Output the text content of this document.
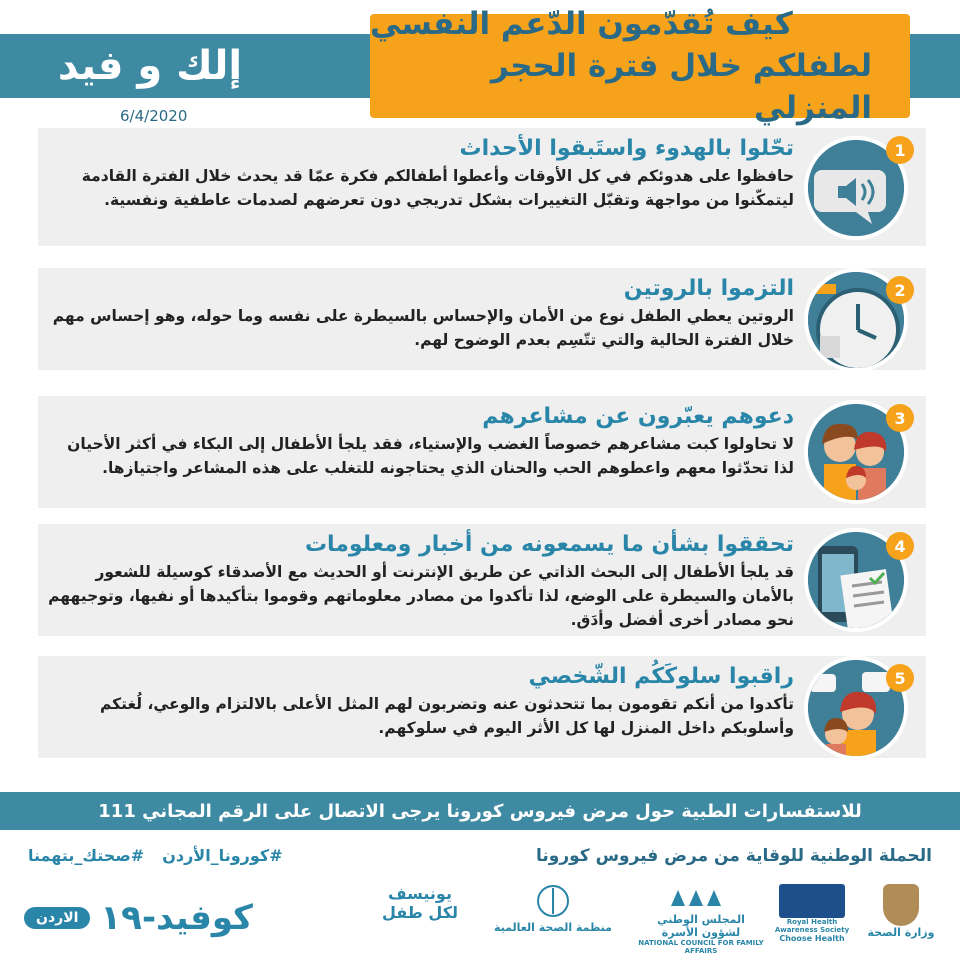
إلك و فيد
6/4/2020
كيف تُقدّمون الدّعم النفسي
لطفلكم خلال فترة الحجر المنزلي
1
تحّلوا بالهدوء واستَبقوا الأحداث
حافظوا على هدوئكم في كل الأوقات وأعطوا أطفالكم فكرة عمّا قد يحدث خلال الفترة القادمة ليتمكّنوا من مواجهة وتقبّل التغييرات بشكل تدريجي دون تعرضهم لصدمات عاطفية ونفسية.
2
التزموا بالروتين
الروتين يعطي الطفل نوع من الأمان والإحساس بالسيطرة على نفسه وما حوله، وهو إحساس مهم خلال الفترة الحالية والتي تتّسِم بعدم الوضوح لهم.
3
دعوهم يعبّرون عن مشاعرهم
لا تحاولوا كبت مشاعرهم خصوصاً الغضب والإستياء، فقد يلجأ الأطفال إلى البكاء في أكثر الأحيان لذا تحدّثوا معهم واعطوهم الحب والحنان الذي يحتاجونه للتغلب على هذه المشاعر واجتيازها.
4
تحققوا بشأن ما يسمعونه من أخبار ومعلومات
قد يلجأ الأطفال إلى البحث الذاتي عن طريق الإنترنت أو الحديث مع الأصدقاء كوسيلة للشعور بالأمان والسيطرة على الوضع، لذا تأكدوا من مصادر معلوماتهم وقوموا بتأكيدها أو نفيها، وتوجيههم نحو مصادر أخرى أفضل وأدَق.
5
راقبوا سلوكَكُم الشّخصي
تأكدوا من أنكم تقومون بما تتحدثون عنه وتضربون لهم المثل الأعلى بالالتزام والوعي، لُغتكم وأسلوبكم داخل المنزل لها كل الأثر اليوم في سلوكهم.
للاستفسارات الطبية حول مرض فيروس كورونا يرجى الاتصال على الرقم المجاني 111
الحملة الوطنية للوقاية من مرض فيروس كورونا
#كورونا_الأردن
#صحتك_بتهمنا
الاردن كوفيد-١٩
يونيسف
لكل طفل
منظمة الصحة العالمية
المجلس الوطني لشؤون الأسرة
NATIONAL COUNCIL FOR FAMILY AFFAIRS
Royal Health Awareness Society
Choose Health	وزارة الصحة
